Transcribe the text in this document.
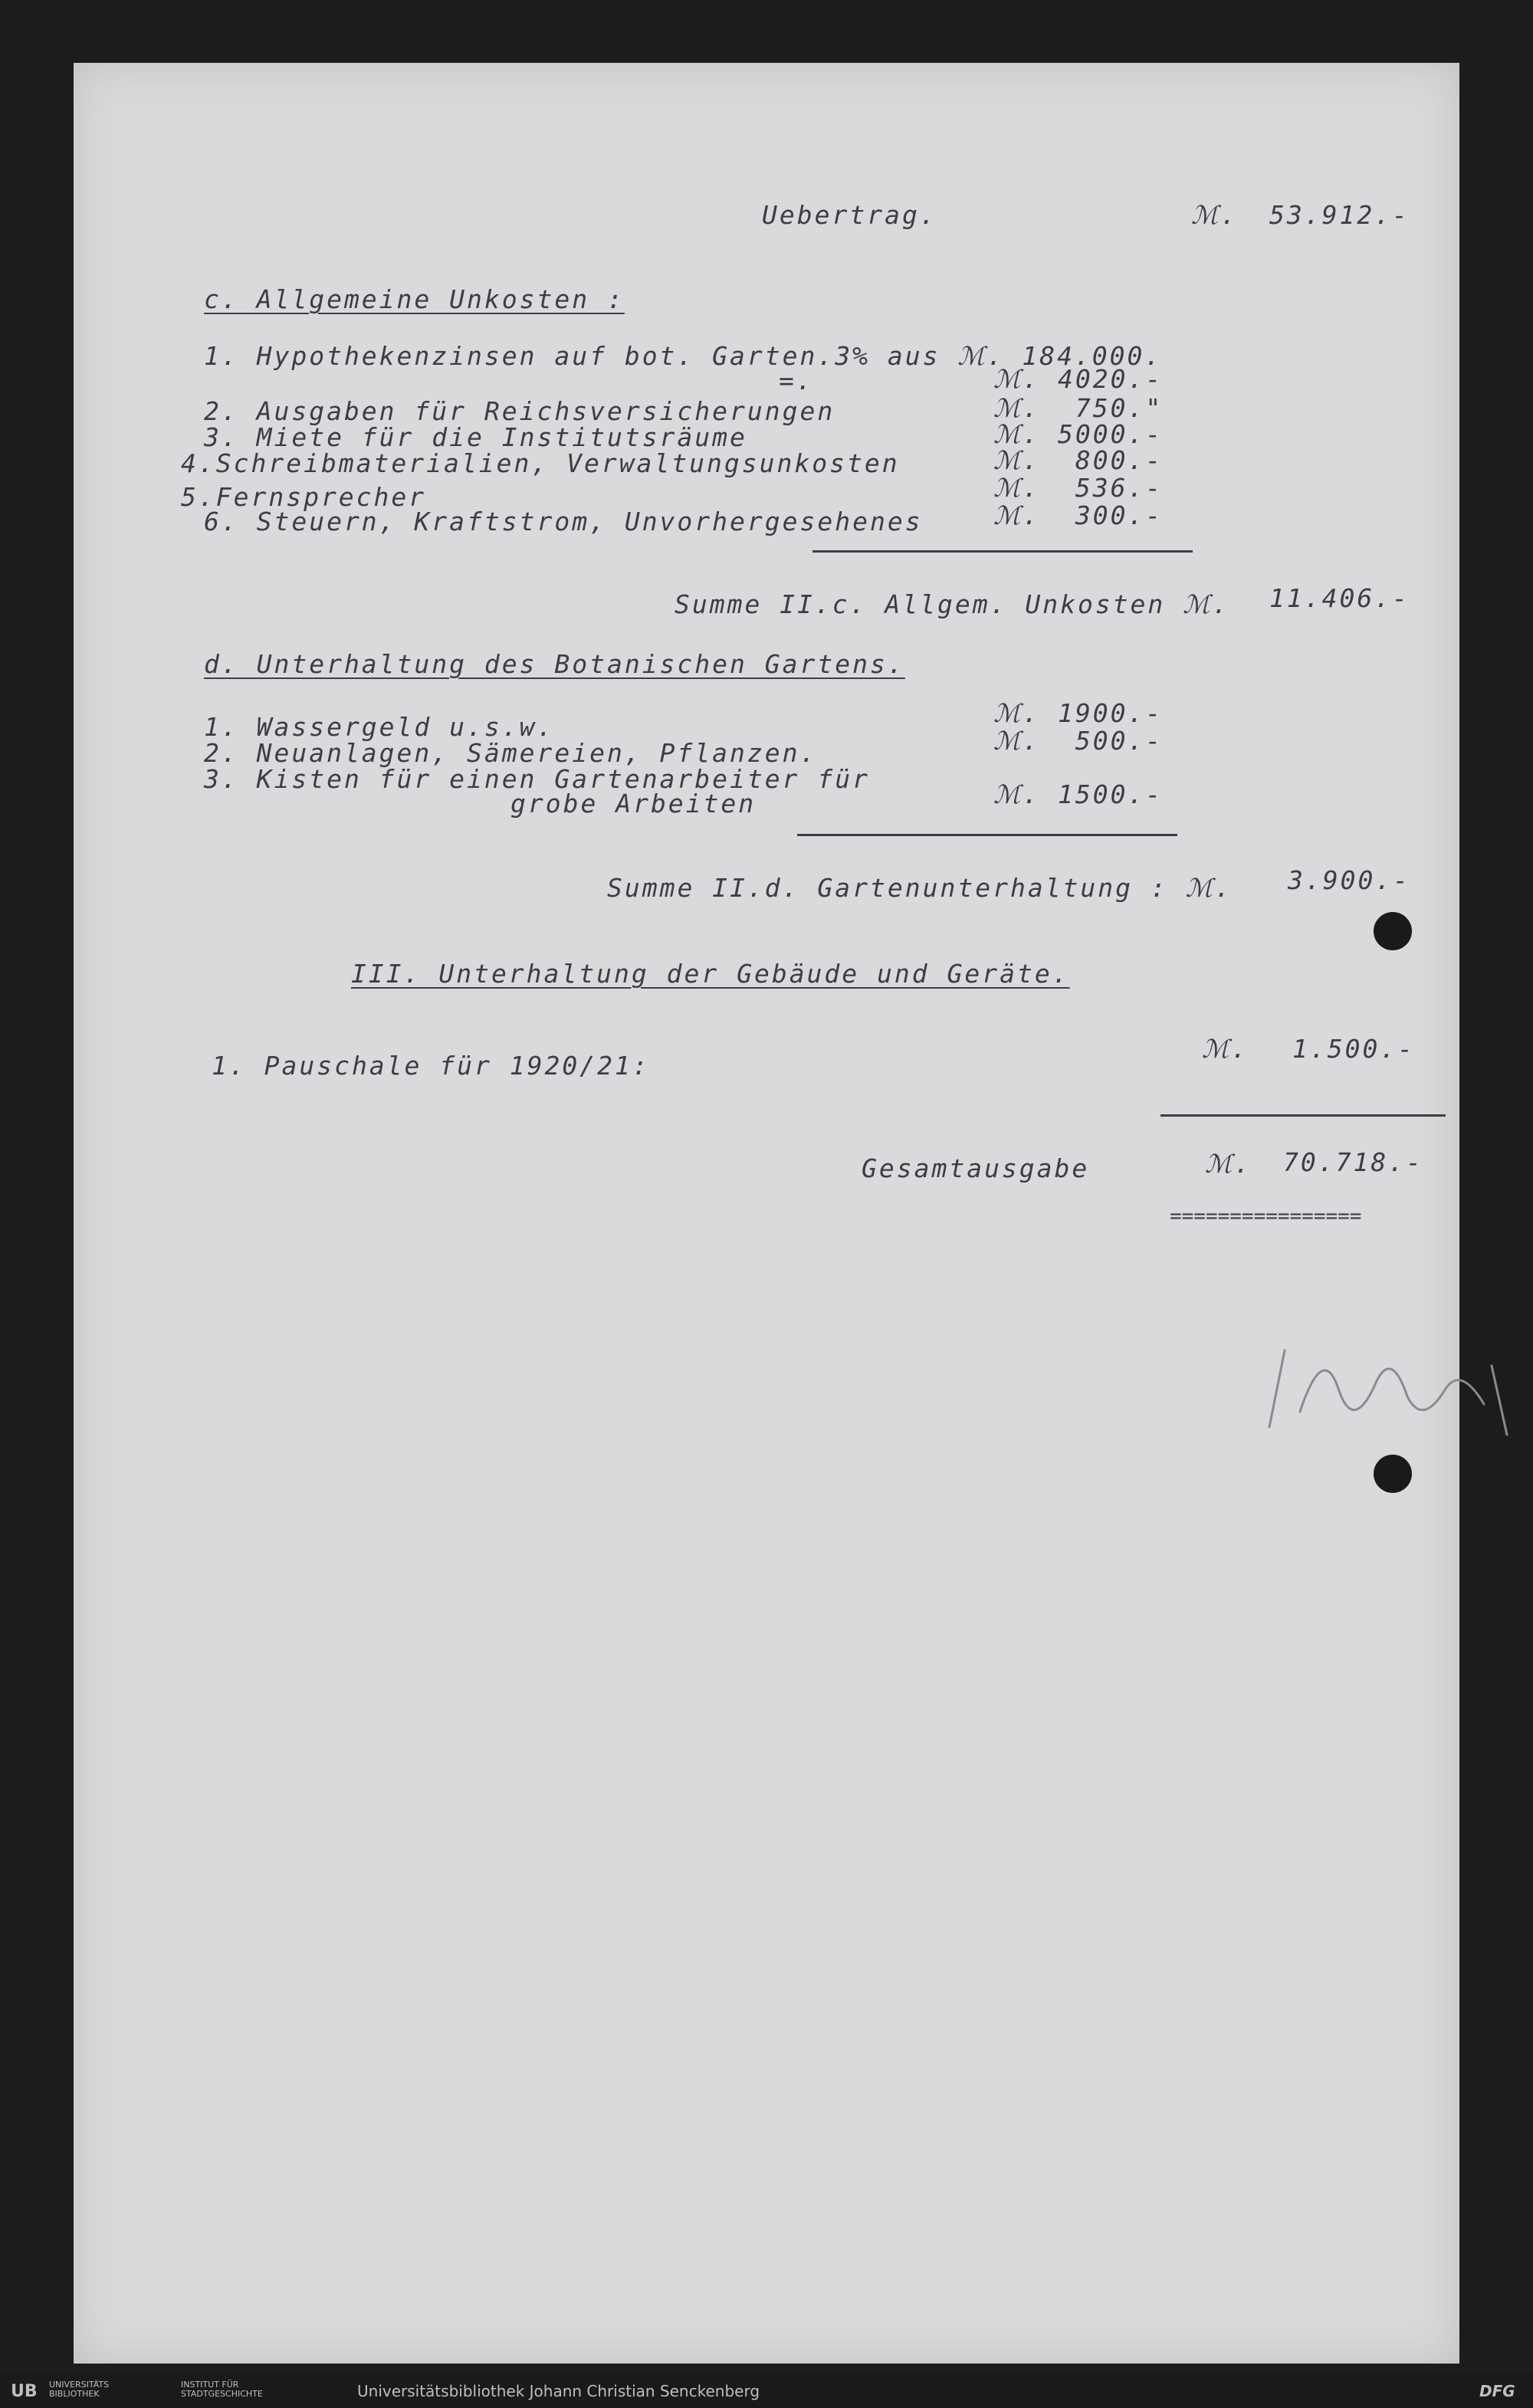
Uebertrag.	ℳ. 53.912.-
c. Allgemeine Unkosten :
1. Hypothekenzinsen auf bot. Garten.3% aus ℳ. 184.000.
=.	ℳ. 4020.-
2. Ausgaben für Reichsversicherungen	ℳ.  750."
3. Miete für die Institutsräume	ℳ. 5000.-
4.Schreibmaterialien, Verwaltungsunkosten	ℳ.  800.-
5.Fernsprecher	ℳ.  536.-
6. Steuern, Kraftstrom, Unvorhergesehenes	ℳ.  300.-
Summe II.c. Allgem. Unkosten ℳ. 11.406.-
d. Unterhaltung des Botanischen Gartens.
1. Wassergeld u.s.w.	ℳ. 1900.-
2. Neuanlagen, Sämereien, Pflanzen.	ℳ.  500.-
3. Kisten für einen Gartenarbeiter für
grobe Arbeiten	ℳ. 1500.-
Summe II.d. Gartenunterhaltung : ℳ. 3.900.-
III. Unterhaltung der Gebäude und Geräte.
1. Pauschale für 1920/21:
ℳ. 1.500.-
Gesamtausgabe	ℳ. 70.718.-
================
UB UNIVERSITÄTS BIBLIOTHEK
INSTITUT FÜR STADTGESCHICHTE	Universitätsbibliothek Johann Christian Senckenberg	DFG
